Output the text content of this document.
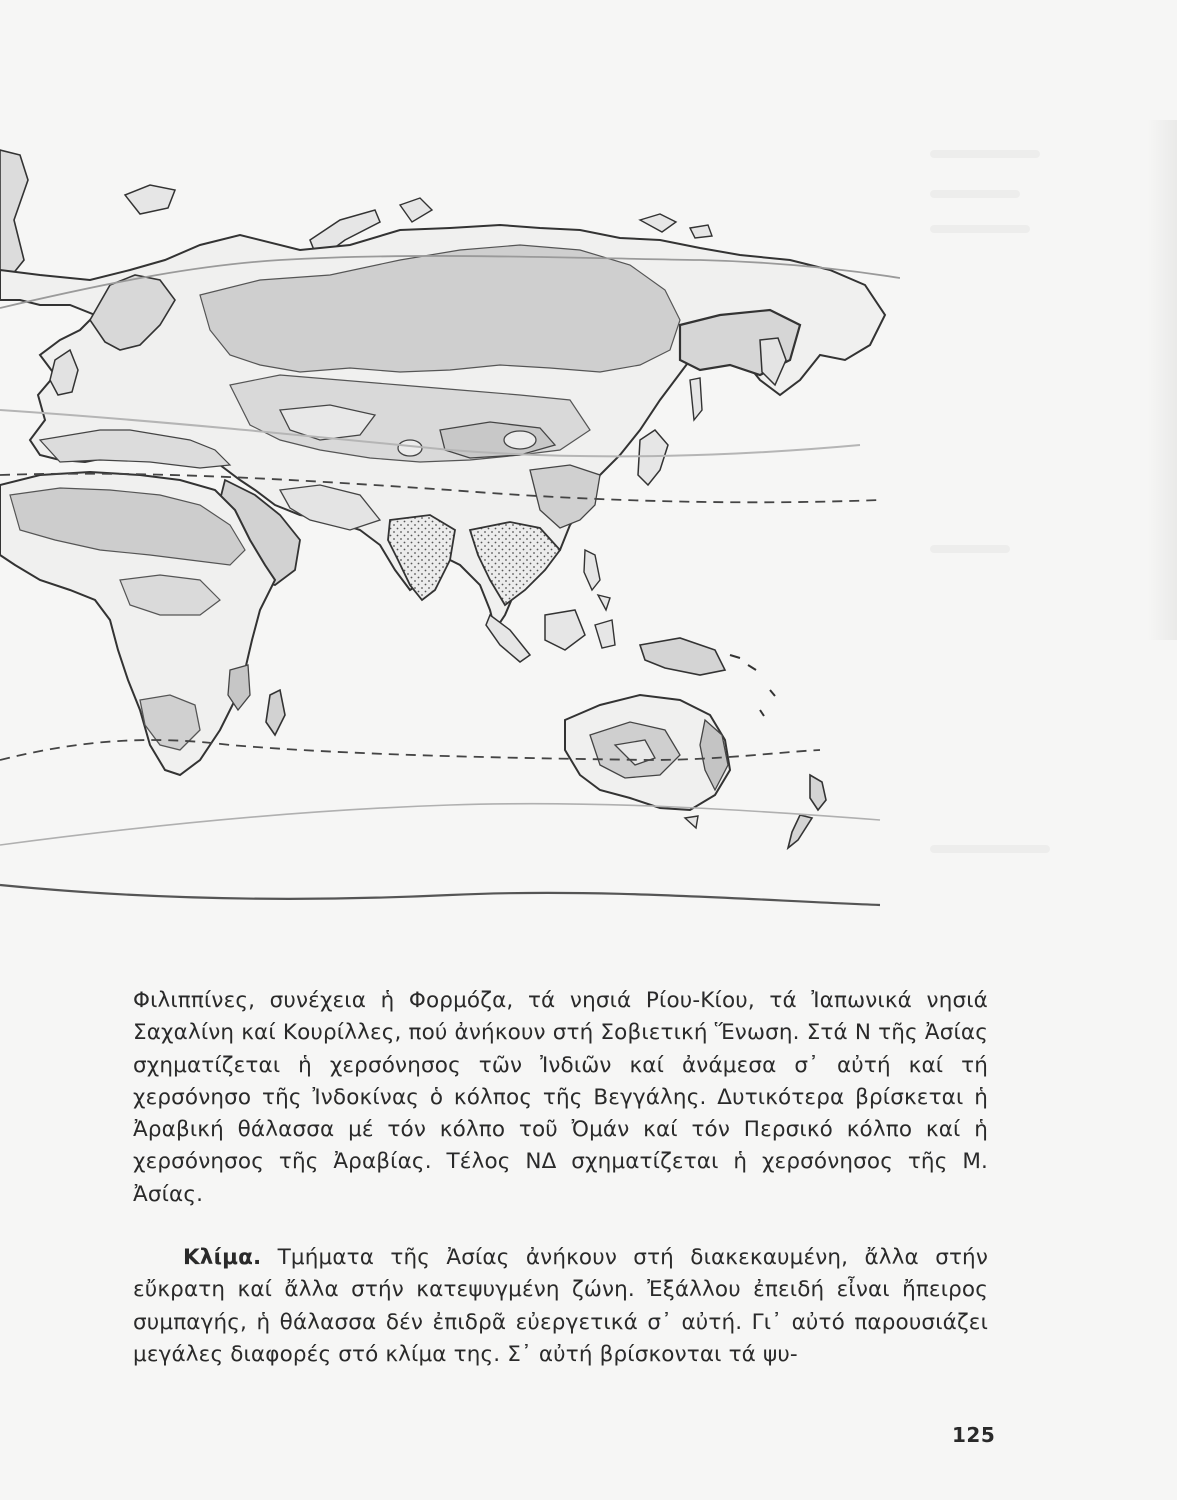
Φιλιππίνες, συνέχεια ἡ Φορμόζα, τά νησιά Ρίου-Κίου, τά Ἰαπωνικά νησιά Σαχαλίνη καί Κουρίλλες, πού ἀνήκουν στή Σοβιετική Ἕνωση. Στά Ν τῆς Ἀσίας σχηματίζεται ἡ χερσόνησος τῶν Ἰνδιῶν καί ἀνάμεσα σ᾽ αὐτή καί τή χερσόνησο τῆς Ἰνδοκίνας ὁ κόλπος τῆς Βεγγάλης. Δυτικότερα βρίσκεται ἡ Ἀραβική θάλασσα μέ τόν κόλπο τοῦ Ὀμάν καί τόν Περσικό κόλπο καί ἡ χερσόνησος τῆς Ἀραβίας. Τέλος ΝΔ σχηματίζεται ἡ χερσόνησος τῆς Μ. Ἀσίας.

Κλίμα. Τμήματα τῆς Ἀσίας ἀνήκουν στή διακεκαυμένη, ἄλλα στήν εὔκρατη καί ἄλλα στήν κατεψυγμένη ζώνη. Ἐξάλλου ἐπειδή εἶναι ἤπειρος συμπαγής, ἡ θάλασσα δέν ἐπιδρᾶ εὐεργετικά σ᾽ αὐτή. Γι᾽ αὐτό παρουσιάζει μεγάλες διαφορές στό κλίμα της. Σ᾽ αὐτή βρίσκονται τά ψυ-

125
